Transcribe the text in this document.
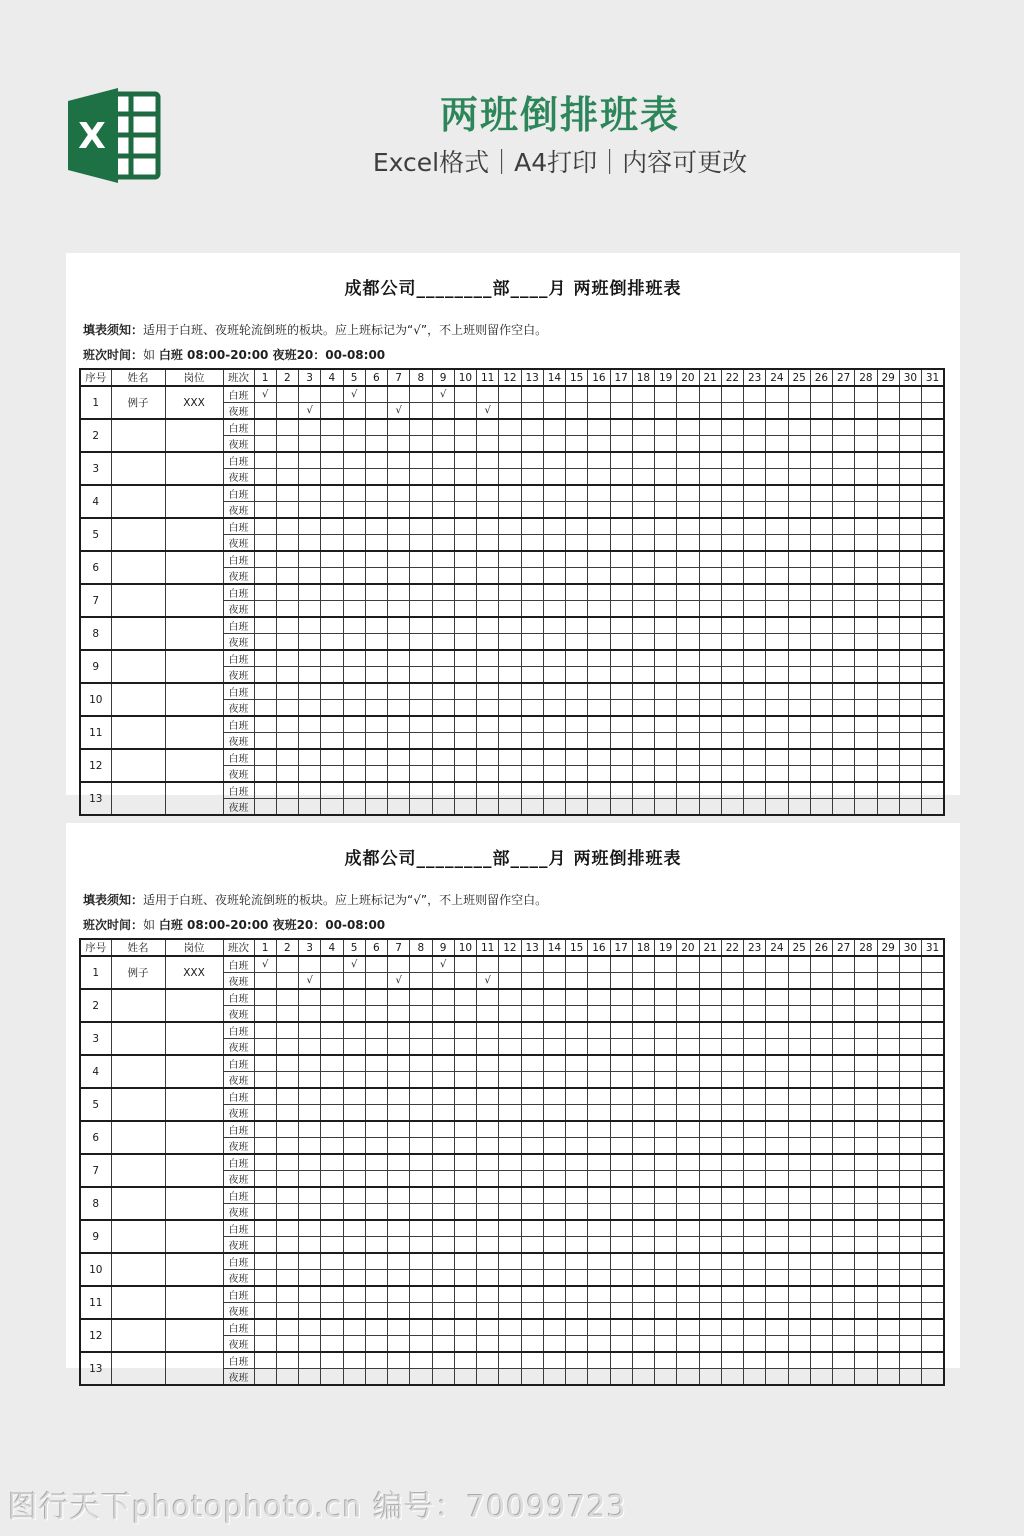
X	两班倒排班表
Excel格式｜A4打印｜内容可更改
成都公司________部____月 两班倒排班表
填表须知：适用于白班、夜班轮流倒班的板块。应上班标记为“√”，不上班则留作空白。
班次时间：如 白班 08:00-20:00 夜班20：00-08:00
序号	姓名	岗位	班次	1	2	3	4	5	6	7	8	9	10	11	12	13	14	15	16	17	18	19	20	21	22	23	24	25	26	27	28	29	30	31
1	例子	XXX	白班	√				√				√																						
			夜班			√				√				√																				
2			白班																															
			夜班																															
3			白班																															
			夜班																															
4			白班																															
			夜班																															
5			白班																															
			夜班																															
6			白班																															
			夜班																															
7			白班																															
			夜班																															
8			白班																															
			夜班																															
9			白班																															
			夜班																															
10			白班																															
			夜班																															
11			白班																															
			夜班																															
12			白班																															
			夜班																															
13			白班																															
			夜班																															
成都公司________部____月 两班倒排班表
填表须知：适用于白班、夜班轮流倒班的板块。应上班标记为“√”，不上班则留作空白。
班次时间：如 白班 08:00-20:00 夜班20：00-08:00
序号	姓名	岗位	班次	1	2	3	4	5	6	7	8	9	10	11	12	13	14	15	16	17	18	19	20	21	22	23	24	25	26	27	28	29	30	31
1	例子	XXX	白班	√				√				√																						
			夜班			√				√				√																				
2			白班																															
			夜班																															
3			白班																															
			夜班																															
4			白班																															
			夜班																															
5			白班																															
			夜班																															
6			白班																															
			夜班																															
7			白班																															
			夜班																															
8			白班																															
			夜班																															
9			白班																															
			夜班																															
10			白班																															
			夜班																															
11			白班																															
			夜班																															
12			白班																															
			夜班																															
13			白班																															
			夜班																															
图行天下photophoto.cn 编号：70099723
